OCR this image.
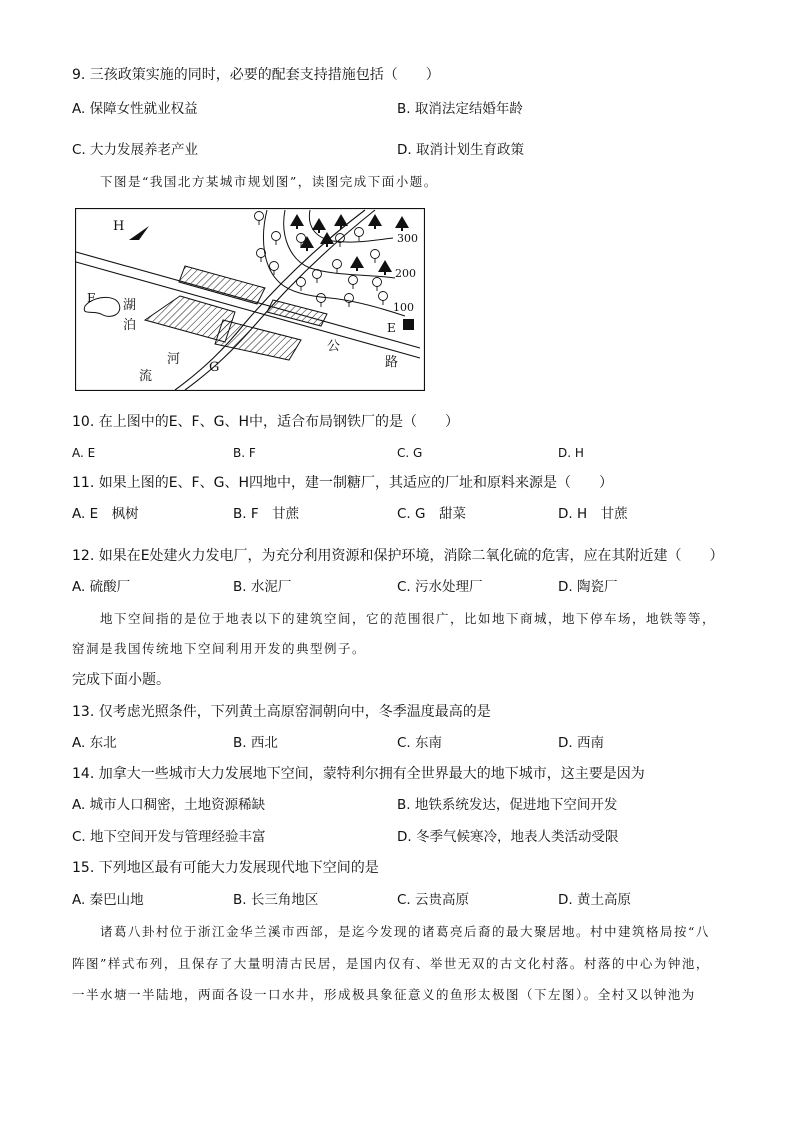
9. 三孩政策实施的同时，必要的配套支持措施包括（　　）
A. 保障女性就业权益	B. 取消法定结婚年龄
C. 大力发展养老产业	D. 取消计划生育政策
下图是“我国北方某城市规划图”，读图完成下面小题。
H
F 湖
泊
河
流
G
公
路
E
300
200
100
10. 在上图中的E、F、G、H中，适合布局钢铁厂的是（　　）
A. E	B. F	C. G	D. H
11. 如果上图的E、F、G、H四地中，建一制糖厂，其适应的厂址和原料来源是（　　）
A. E　枫树	B. F　甘蔗	C. G　甜菜	D. H　甘蔗
12. 如果在E处建火力发电厂，为充分利用资源和保护环境，消除二氧化硫的危害，应在其附近建（　　）
A. 硫酸厂	B. 水泥厂	C. 污水处理厂	D. 陶瓷厂
地下空间指的是位于地表以下的建筑空间，它的范围很广，比如地下商城，地下停车场，地铁等等，
窑洞是我国传统地下空间利用开发的典型例子。
完成下面小题。
13. 仅考虑光照条件，下列黄土高原窑洞朝向中，冬季温度最高的是
A. 东北	B. 西北	C. 东南	D. 西南
14. 加拿大一些城市大力发展地下空间，蒙特利尔拥有全世界最大的地下城市，这主要是因为
A. 城市人口稠密，土地资源稀缺	B. 地铁系统发达，促进地下空间开发
C. 地下空间开发与管理经验丰富	D. 冬季气候寒冷，地表人类活动受限
15. 下列地区最有可能大力发展现代地下空间的是
A. 秦巴山地	B. 长三角地区	C. 云贵高原	D. 黄土高原
诸葛八卦村位于浙江金华兰溪市西部，是迄今发现的诸葛亮后裔的最大聚居地。村中建筑格局按“八
阵图”样式布列，且保存了大量明清古民居，是国内仅有、举世无双的古文化村落。村落的中心为钟池，
一半水塘一半陆地，两面各设一口水井，形成极具象征意义的鱼形太极图（下左图）。全村又以钟池为
